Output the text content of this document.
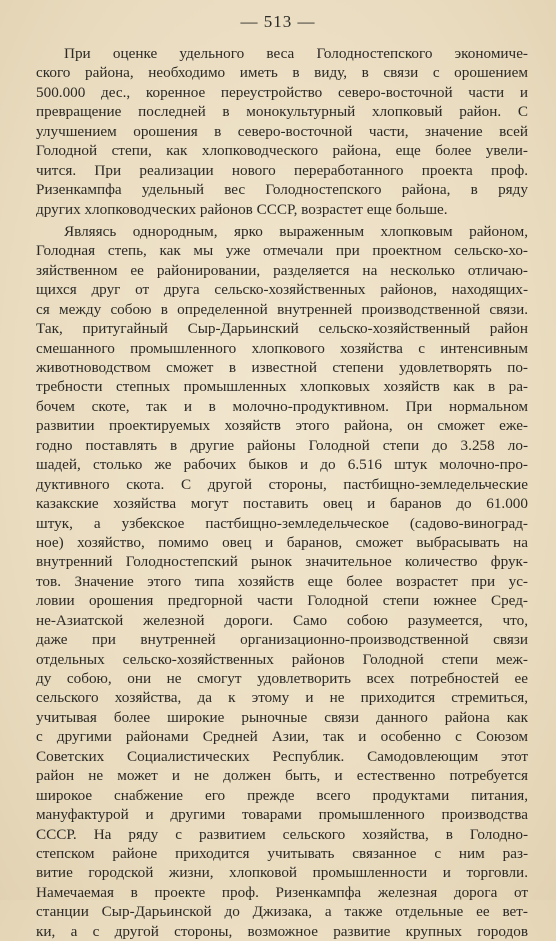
— 513 —
При оценке удельного веса Голодностепского экономиче-
ского района, необходимо иметь в виду, в связи с орошением
500.000 дес., коренное переустройство северо-восточной части и
превращение последней в монокультурный хлопковый район. С
улучшением орошения в северо-восточной части, значение всей
Голодной степи, как хлопководческого района, еще более увели-
чится. При реализации нового переработанного проекта проф.
Ризенкампфа удельный вес Голодностепского района, в ряду
других хлопководческих районов СССР, возрастет еще больше.
Являясь однородным, ярко выраженным хлопковым районом,
Голодная степь, как мы уже отмечали при проектном сельско-хо-
зяйственном ее районировании, разделяется на несколько отличаю-
щихся друг от друга сельско-хозяйственных районов, находящих-
ся между собою в определенной внутренней производственной связи.
Так, притугайный Сыр-Дарьинский сельско-хозяйственный район
смешанного промышленного хлопкового хозяйства с интенсивным
животноводством сможет в известной степени удовлетворять по-
требности степных промышленных хлопковых хозяйств как в ра-
бочем скоте, так и в молочно-продуктивном. При нормальном
развитии проектируемых хозяйств этого района, он сможет еже-
годно поставлять в другие районы Голодной степи до 3.258 ло-
шадей, столько же рабочих быков и до 6.516 штук молочно-про-
дуктивного скота. С другой стороны, пастбищно-земледельческие
казакские хозяйства могут поставить овец и баранов до 61.000
штук, а узбекское пастбищно-земледельческое (садово-виноград-
ное) хозяйство, помимо овец и баранов, сможет выбрасывать на
внутренний Голодностепский рынок значительное количество фрук-
тов. Значение этого типа хозяйств еще более возрастет при ус-
ловии орошения предгорной части Голодной степи южнее Сред-
не-Азиатской железной дороги. Само собою разумеется, что,
даже при внутренней организационно-производственной связи
отдельных сельско-хозяйственных районов Голодной степи меж-
ду собою, они не смогут удовлетворить всех потребностей ее
сельского хозяйства, да к этому и не приходится стремиться,
учитывая более широкие рыночные связи данного района как
с другими районами Средней Азии, так и особенно с Союзом
Советских Социалистических Республик. Самодовлеющим этот
район не может и не должен быть, и естественно потребуется
широкое снабжение его прежде всего продуктами питания,
мануфактурой и другими товарами промышленного производства
СССР. На ряду с развитием сельского хозяйства, в Голодно-
степском районе приходится учитывать связанное с ним раз-
витие городской жизни, хлопковой промышленности и торговли.
Намечаемая в проекте проф. Ризенкампфа железная дорога от
станции Сыр-Дарьинской до Джизака, а также отдельные ее вет-
ки, а с другой стороны, возможное развитие крупных городов
